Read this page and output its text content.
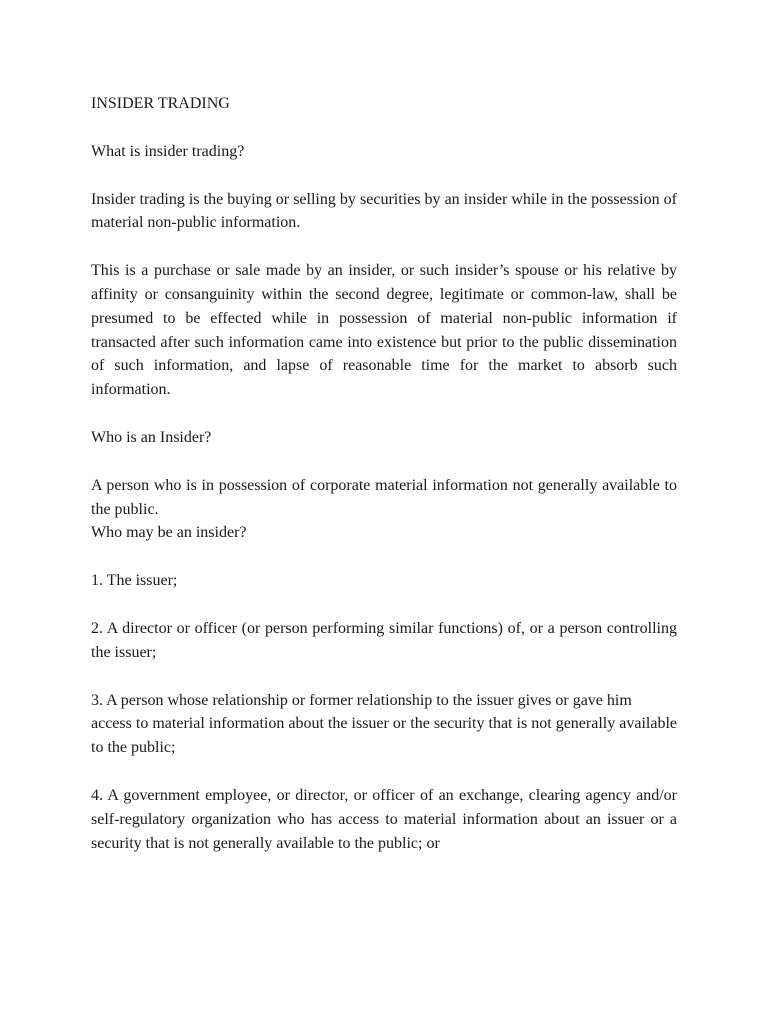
INSIDER TRADING

What is insider trading?

Insider trading is the buying or selling by securities by an insider while in the possession of material non-public information.

This is a purchase or sale made by an insider, or such insider’s spouse or his relative by affinity or consanguinity within the second degree, legitimate or common-law, shall be presumed to be effected while in possession of material non-public information if transacted after such information came into existence but prior to the public dissemination of such information, and lapse of reasonable time for the market to absorb such information.

Who is an Insider?

A person who is in possession of corporate material information not generally available to the public.

Who may be an insider?

1. The issuer;

2. A director or officer (or person performing similar functions) of, or a person controlling the issuer;

3. A person whose relationship or former relationship to the issuer gives or gave him

access to material information about the issuer or the security that is not generally available to the public;

4. A government employee, or director, or officer of an exchange, clearing agency and/or self-regulatory organization who has access to material information about an issuer or a security that is not generally available to the public; or
